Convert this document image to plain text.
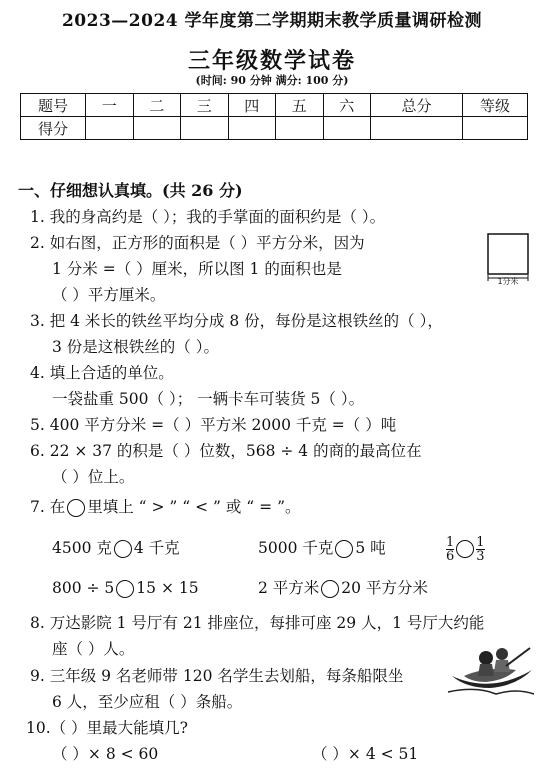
2023—2024 学年度第二学期期末教学质量调研检测
三年级数学试卷
(时间: 90 分钟 满分: 100 分)
题号	一	二	三	四	五	六	总分	等级
得分								
一、仔细想认真填。(共 26 分)
1. 我的身高约是（ ）；我的手掌面的面积约是（ ）。
2. 如右图，正方形的面积是（ ）平方分米，因为
1 分米 =（ ）厘米，所以图 1 的面积也是
（ ）平方厘米。
1分米
3. 把 4 米长的铁丝平均分成 8 份，每份是这根铁丝的（ ），
3 份是这根铁丝的（ ）。
4. 填上合适的单位。
一袋盐重 500（ ）； 一辆卡车可装货 5（ ）。
5. 400 平方分米 =（ ）平方米 2000 千克 =（ ）吨
6. 22 × 37 的积是（ ）位数，568 ÷ 4 的商的最高位在
（ ）位上。
7. 在 里填上 “ > ” “ < ” 或 “ = ”。
4500 克 4 千克	5000 千克 5 吨	$\frac{1}{6} \frac{1}{3}$
800 ÷ 5 15 × 15	2 平方米 20 平方分米
8. 万达影院 1 号厅有 21 排座位，每排可座 29 人，1 号厅大约能
座（ ）人。
9. 三年级 9 名老师带 120 名学生去划船，每条船限坐
6 人，至少应租（ ）条船。
10.（ ）里最大能填几?
（ ）× 8 < 60	（ ）× 4 < 51
